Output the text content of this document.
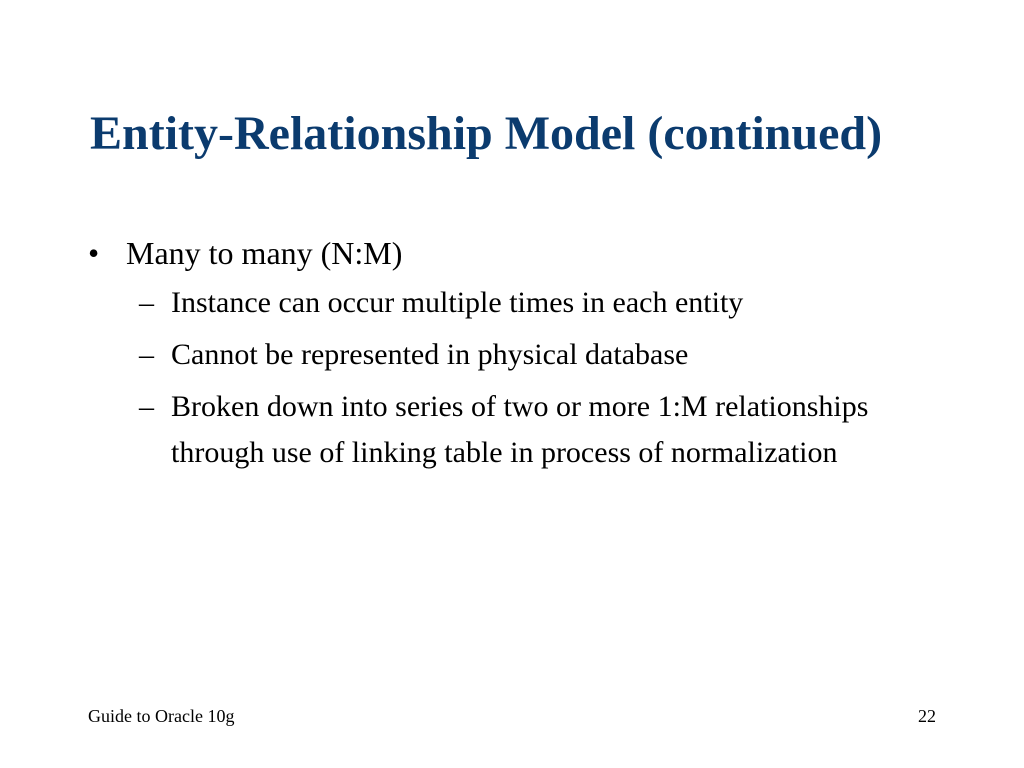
Entity-Relationship Model (continued)
• Many to many (N:M)
– Instance can occur multiple times in each entity
– Cannot be represented in physical database
– Broken down into series of two or more 1:M relationships through use of linking table in process of normalization
Guide to Oracle 10g	22
